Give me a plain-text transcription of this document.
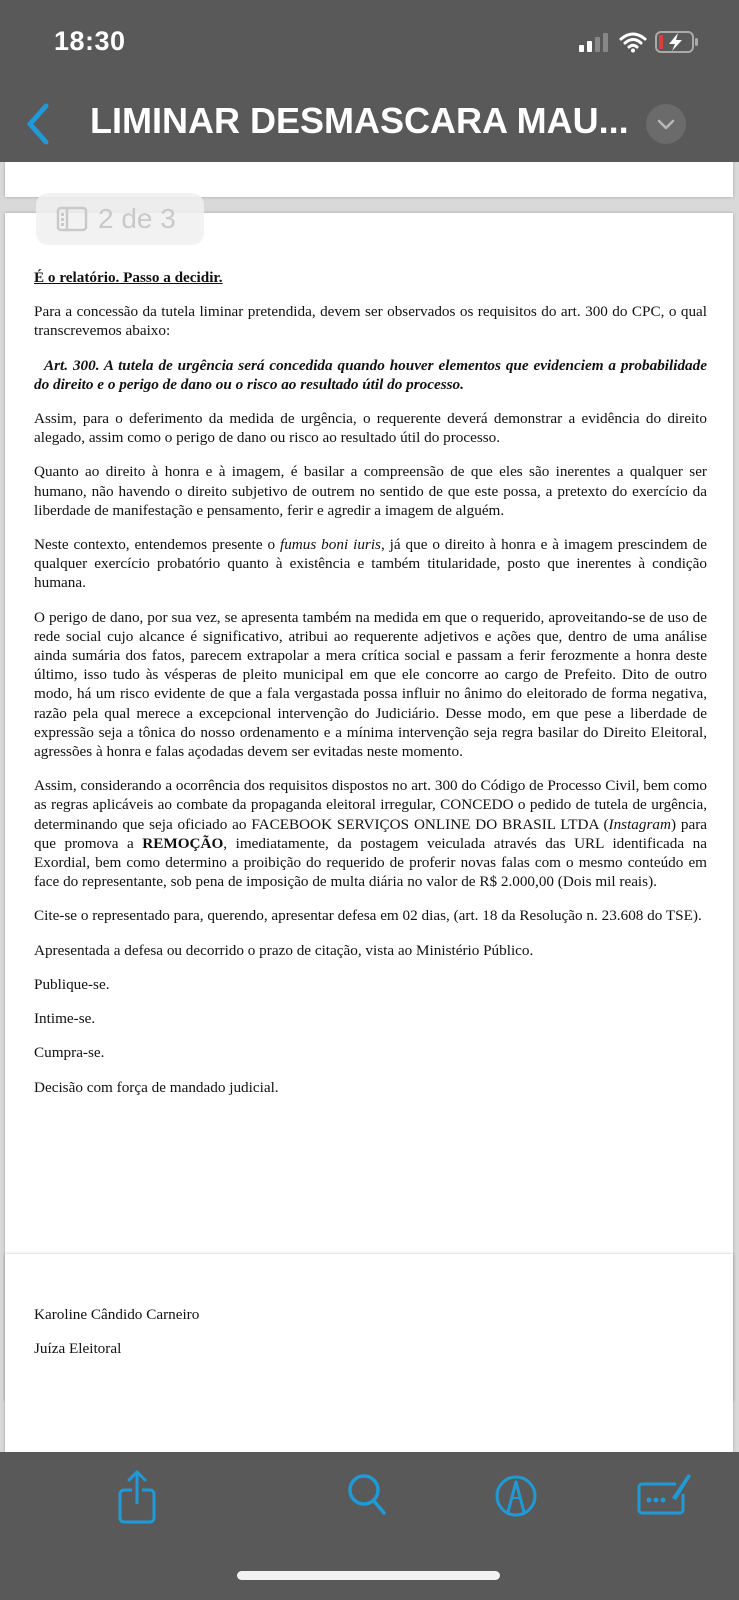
18:30
LIMINAR DESMASCARA MAU...
2 de 3

É o relatório. Passo a decidir.

Para a concessão da tutela liminar pretendida, devem ser observados os requisitos do art. 300 do CPC, o qual transcrevemos abaixo:

Art. 300. A tutela de urgência será concedida quando houver elementos que evidenciem a probabilidade do direito e o perigo de dano ou o risco ao resultado útil do processo.

Assim, para o deferimento da medida de urgência, o requerente deverá demonstrar a evidência do direito alegado, assim como o perigo de dano ou risco ao resultado útil do processo.

Quanto ao direito à honra e à imagem, é basilar a compreensão de que eles são inerentes a qualquer ser humano, não havendo o direito subjetivo de outrem no sentido de que este possa, a pretexto do exercício da liberdade de manifestação e pensamento, ferir e agredir a imagem de alguém.

Neste contexto, entendemos presente o fumus boni iuris, já que o direito à honra e à imagem prescindem de qualquer exercício probatório quanto à existência e também titularidade, posto que inerentes à condição humana.

O perigo de dano, por sua vez, se apresenta também na medida em que o requerido, aproveitando-se de uso de rede social cujo alcance é significativo, atribui ao requerente adjetivos e ações que, dentro de uma análise ainda sumária dos fatos, parecem extrapolar a mera crítica social e passam a ferir ferozmente a honra deste último, isso tudo às vésperas de pleito municipal em que ele concorre ao cargo de Prefeito. Dito de outro modo, há um risco evidente de que a fala vergastada possa influir no ânimo do eleitorado de forma negativa, razão pela qual merece a excepcional intervenção do Judiciário. Desse modo, em que pese a liberdade de expressão seja a tônica do nosso ordenamento e a mínima intervenção seja regra basilar do Direito Eleitoral, agressões à honra e falas açodadas devem ser evitadas neste momento.

Assim, considerando a ocorrência dos requisitos dispostos no art. 300 do Código de Processo Civil, bem como as regras aplicáveis ao combate da propaganda eleitoral irregular, CONCEDO o pedido de tutela de urgência, determinando que seja oficiado ao FACEBOOK SERVIÇOS ONLINE DO BRASIL LTDA (Instagram) para que promova a REMOÇÃO, imediatamente, da postagem veiculada através das URL identificada na Exordial, bem como determino a proibição do requerido de proferir novas falas com o mesmo conteúdo em face do representante, sob pena de imposição de multa diária no valor de R$ 2.000,00 (Dois mil reais).

Cite-se o representado para, querendo, apresentar defesa em 02 dias, (art. 18 da Resolução n. 23.608 do TSE).

Apresentada a defesa ou decorrido o prazo de citação, vista ao Ministério Público.

Publique-se.

Intime-se.

Cumpra-se.

Decisão com força de mandado judicial.

Karoline Cândido Carneiro
Juíza Eleitoral
